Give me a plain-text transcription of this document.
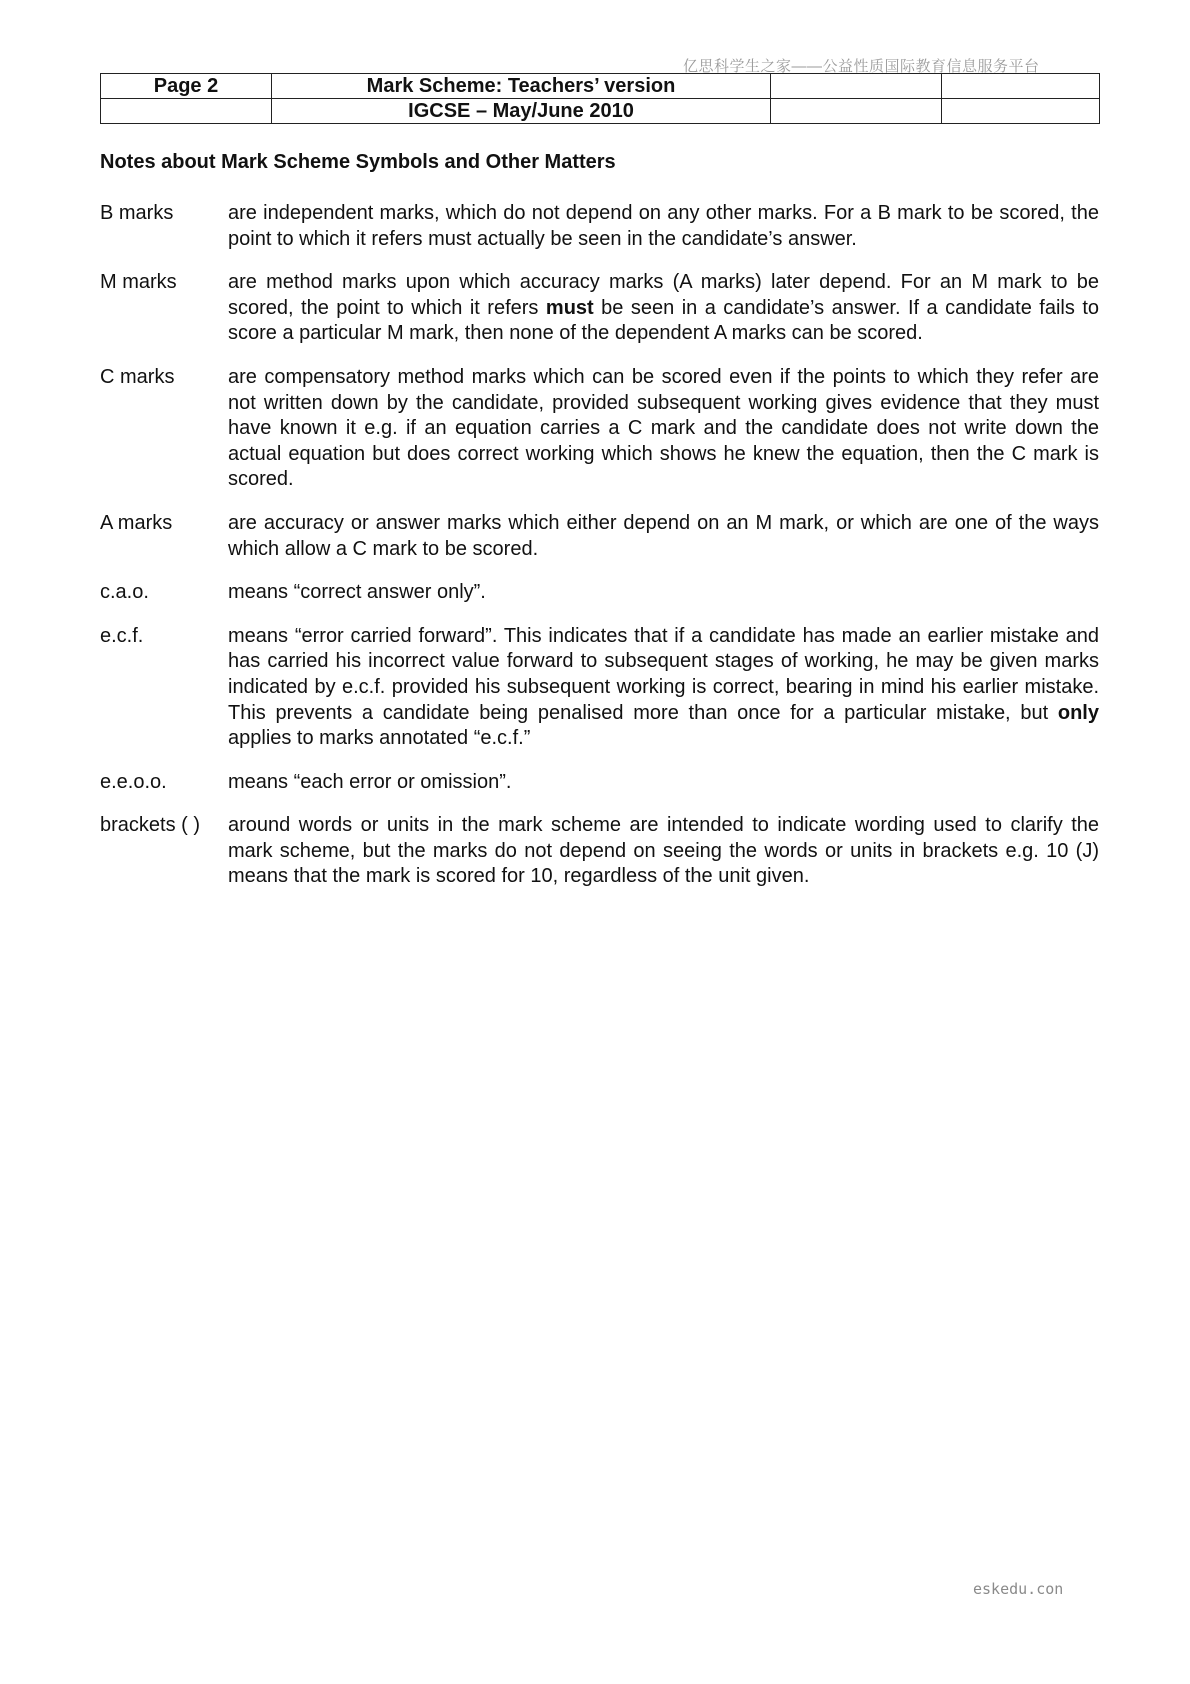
亿思科学生之家——公益性质国际教育信息服务平台
Page 2	Mark Scheme: Teachers’ version		
	IGCSE – May/June 2010		
Notes about Mark Scheme Symbols and Other Matters
B marks	are independent marks, which do not depend on any other marks. For a B mark to be scored, the point to which it refers must actually be seen in the candidate’s answer.
M marks	are method marks upon which accuracy marks (A marks) later depend. For an M mark to be scored, the point to which it refers must be seen in a candidate’s answer. If a candidate fails to score a particular M mark, then none of the dependent A marks can be scored.
C marks	are compensatory method marks which can be scored even if the points to which they refer are not written down by the candidate, provided subsequent working gives evidence that they must have known it e.g. if an equation carries a C mark and the candidate does not write down the actual equation but does correct working which shows he knew the equation, then the C mark is scored.
A marks	are accuracy or answer marks which either depend on an M mark, or which are one of the ways which allow a C mark to be scored.
c.a.o.	means “correct answer only”.
e.c.f.	means “error carried forward”. This indicates that if a candidate has made an earlier mistake and has carried his incorrect value forward to subsequent stages of working, he may be given marks indicated by e.c.f. provided his subsequent working is correct, bearing in mind his earlier mistake. This prevents a candidate being penalised more than once for a particular mistake, but only applies to marks annotated “e.c.f.”
e.e.o.o.	means “each error or omission”.
brackets ( )	around words or units in the mark scheme are intended to indicate wording used to clarify the mark scheme, but the marks do not depend on seeing the words or units in brackets e.g. 10 (J) means that the mark is scored for 10, regardless of the unit given.
eskedu.con
